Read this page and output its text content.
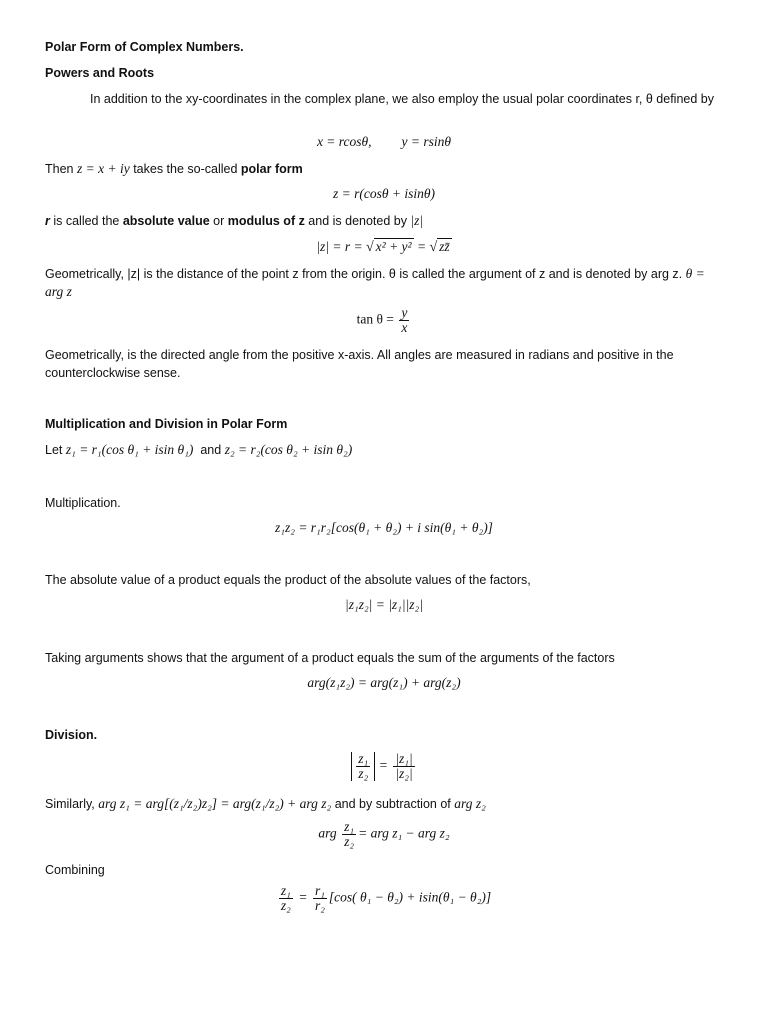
Polar Form of Complex Numbers.
Powers and Roots
In addition to the xy-coordinates in the complex plane, we also employ the usual polar coordinates r, θ defined by
x = rcosθ, y = rsinθ
Then z = x + iy takes the so-called polar form
z = r(cosθ + isinθ)
r is called the absolute value or modulus of z and is denoted by |z|
|z| = r = √ x² + y² = √ zz̄
Geometrically, |z| is the distance of the point z from the origin. θ is called the argument of z and is denoted by arg z. θ = arg z
$\tan \theta = \frac{y}{x}$
Geometrically, is the directed angle from the positive x-axis. All angles are measured in radians and positive in the counterclockwise sense.
Multiplication and Division in Polar Form
Let z₁ = r₁(cos θ₁ + isin θ₁) and z₂ = r₂(cos θ₂ + isin θ₂)
Multiplication.
z₁z₂ = r₁r₂[cos(θ₁ + θ₂) + i sin(θ₁ + θ₂)]
The absolute value of a product equals the product of the absolute values of the factors,
|z₁z₂| = |z₁||z₂|
Taking arguments shows that the argument of a product equals the sum of the arguments of the factors
arg(z₁z₂) = arg(z₁) + arg(z₂)
Division.
$\frac{\text{z₁}}{\text{z₂}} = \frac{\text{|z₁|}}{\text{|z₂|}}$
Similarly, arg z₁ = arg[(z₁/z₂)z₂] = arg(z₁/z₂) + arg z₂ and by subtraction of arg z₂
arg $\frac{\text{z₁}}{\text{z₂}}$ = arg z₁ − arg z₂
Combining
$\frac{\text{z₁}}{\text{z₂}} = \frac{\text{r₁}}{\text{r₂}} [\cos$( θ₁ − θ₂) + isin(θ₁ − θ₂)]
